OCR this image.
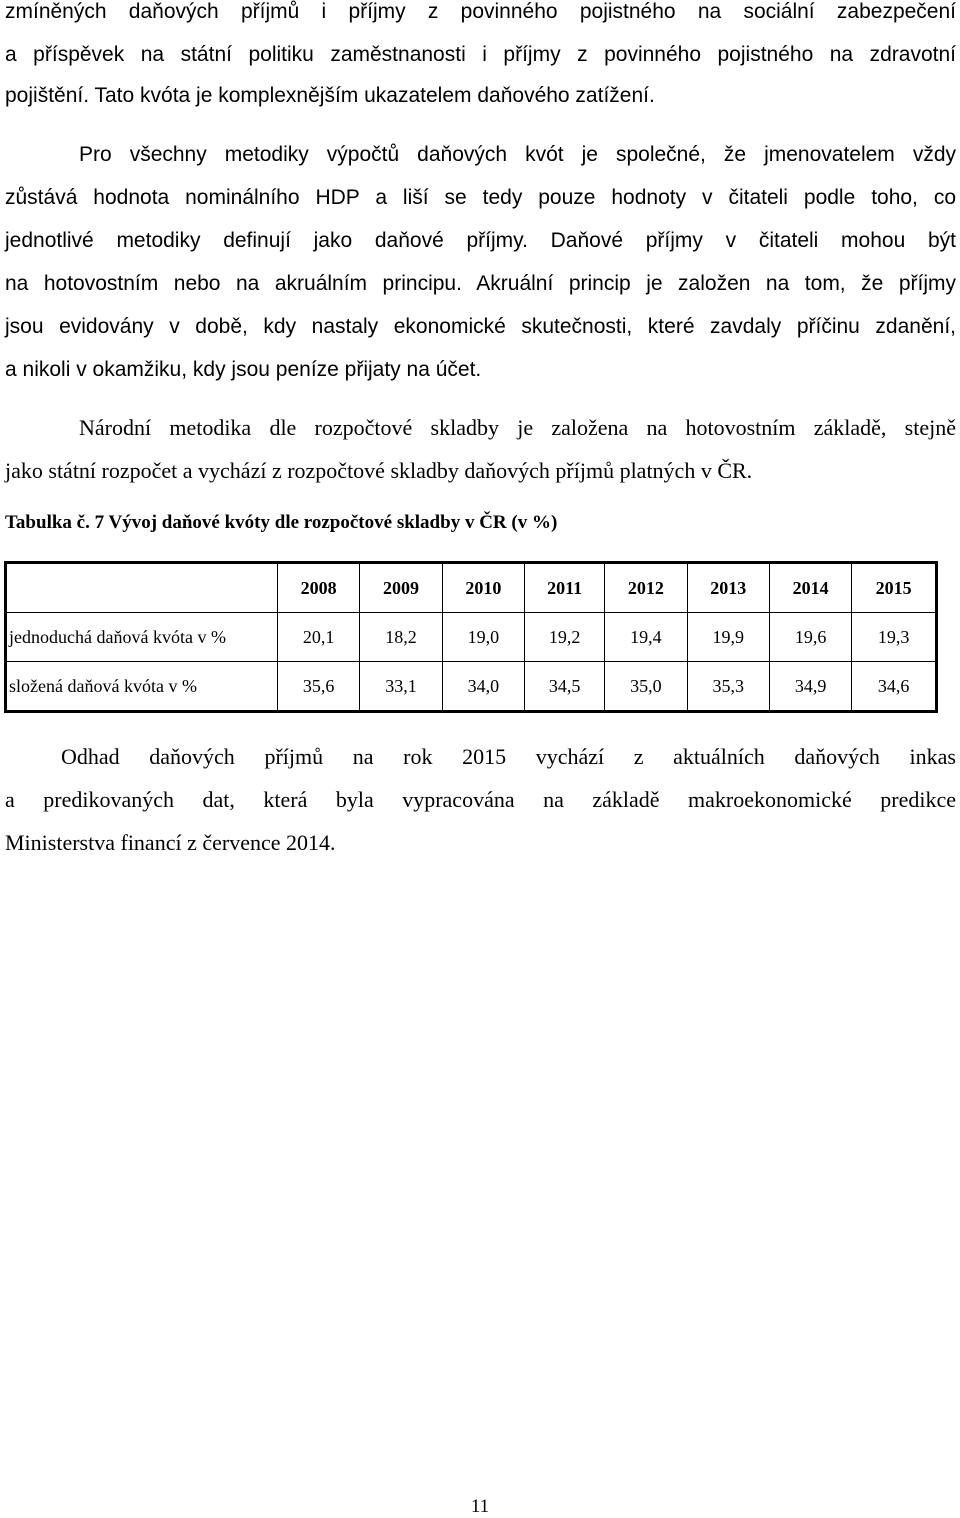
zmíněných daňových příjmů i příjmy z povinného pojistného na sociální zabezpečení
a příspěvek na státní politiku zaměstnanosti i příjmy z povinného pojistného na zdravotní
pojištění. Tato kvóta je komplexnějším ukazatelem daňového zatížení.
Pro všechny metodiky výpočtů daňových kvót je společné, že jmenovatelem vždy
zůstává hodnota nominálního HDP a liší se tedy pouze hodnoty v čitateli podle toho, co
jednotlivé metodiky definují jako daňové příjmy. Daňové příjmy v čitateli mohou být
na hotovostním nebo na akruálním principu. Akruální princip je založen na tom, že příjmy
jsou evidovány v době, kdy nastaly ekonomické skutečnosti, které zavdaly příčinu zdanění,
a nikoli v okamžiku, kdy jsou peníze přijaty na účet.
Národní metodika dle rozpočtové skladby je založena na hotovostním základě, stejně
jako státní rozpočet a vychází z rozpočtové skladby daňových příjmů platných v ČR.

Tabulka č. 7 Vývoj daňové kvóty dle rozpočtové skladby v ČR (v %)

	2008	2009	2010	2011	2012	2013	2014	2015
jednoduchá daňová kvóta v %	20,1	18,2	19,0	19,2	19,4	19,9	19,6	19,3
složená daňová kvóta v %	35,6	33,1	34,0	34,5	35,0	35,3	34,9	34,6
Odhad daňových příjmů na rok 2015 vychází z aktuálních daňových inkas
a predikovaných dat, která byla vypracována na základě makroekonomické predikce
Ministerstva financí z července 2014.
11
